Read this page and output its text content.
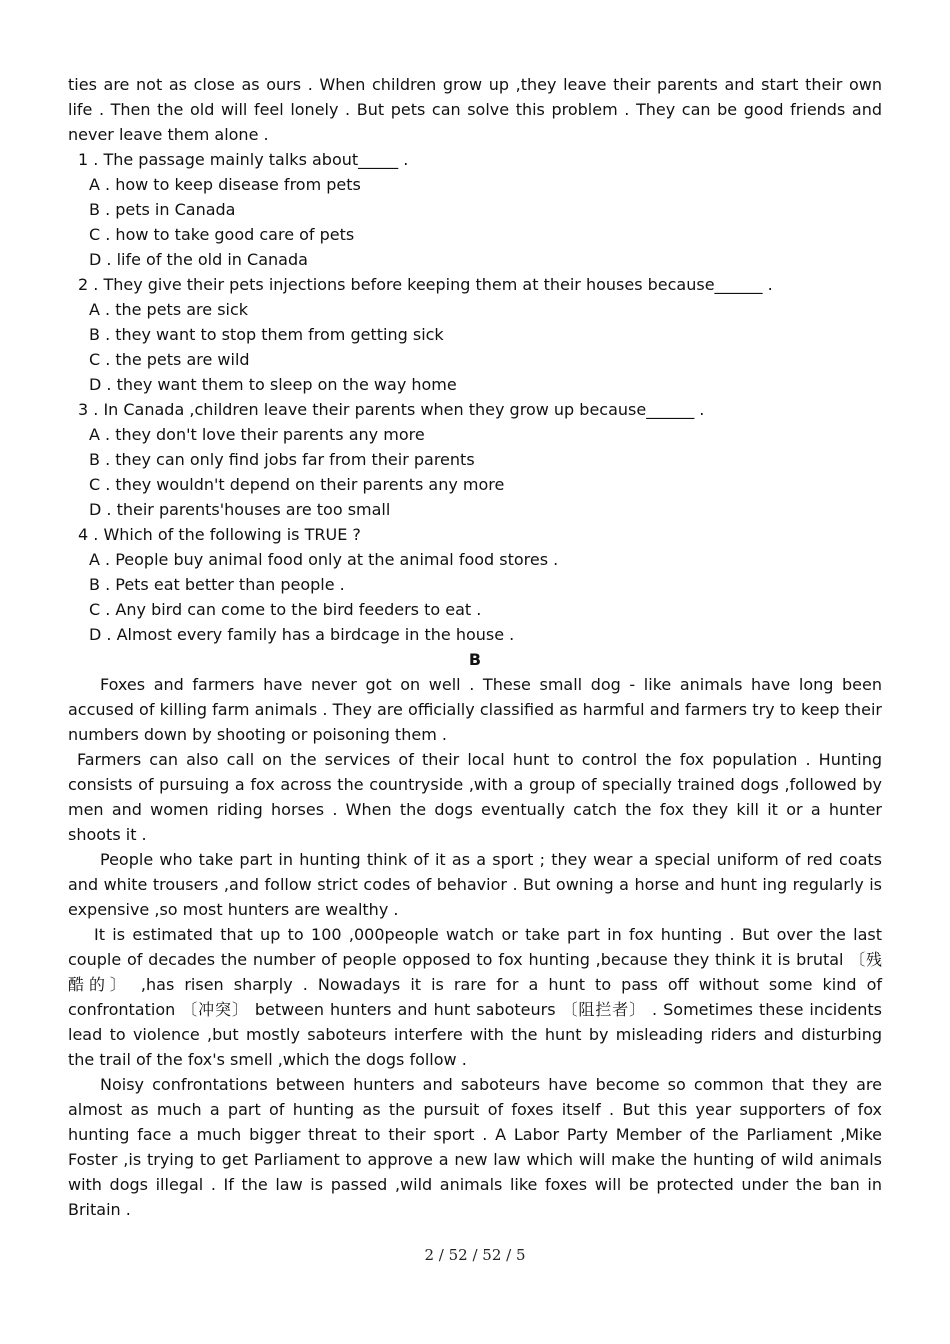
ties are not as close as ours . When children grow up ,they leave their parents and start their own life . Then the old will feel lonely . But pets can solve this problem . They can be good friends and never leave them alone .

1 . The passage mainly talks about_____ .

A . how to keep disease from pets

B . pets in Canada

C . how to take good care of pets

D . life of the old in Canada

2 . They give their pets injections before keeping them at their houses because______ .

A . the pets are sick

B . they want to stop them from getting sick

C . the pets are wild

D . they want them to sleep on the way home

3 . In Canada ,children leave their parents when they grow up because______ .

A . they don't love their parents any more

B . they can only find jobs far from their parents

C . they wouldn't depend on their parents any more

D . their parents'houses are too small

4 . Which of the following is TRUE ?

A . People buy animal food only at the animal food stores .

B . Pets eat better than people .

C . Any bird can come to the bird feeders to eat .

D . Almost every family has a birdcage in the house .

B

Foxes and farmers have never got on well . These small dog - like animals have long been accused of killing farm animals . They are officially classified as harmful and farmers try to keep their numbers down by shooting or poisoning them .

Farmers can also call on the services of their local hunt to control the fox population . Hunting consists of pursuing a fox across the countryside ,with a group of specially trained dogs ,followed by men and women riding horses . When the dogs eventually catch the fox they kill it or a hunter shoots it .

People who take part in hunting think of it as a sport ; they wear a special uniform of red coats and white trousers ,and follow strict codes of behavior . But owning a horse and hunt ing regularly is expensive ,so most hunters are wealthy .

It is estimated that up to 100 ,000people watch or take part in fox hunting . But over the last couple of decades the number of people opposed to fox hunting ,because they think it is brutal 〔残酷的〕 ,has risen sharply . Nowadays it is rare for a hunt to pass off without some kind of confrontation 〔冲突〕 between hunters and hunt saboteurs 〔阻拦者〕 . Sometimes these incidents lead to violence ,but mostly saboteurs interfere with the hunt by misleading riders and disturbing the trail of the fox's smell ,which the dogs follow .

Noisy confrontations between hunters and saboteurs have become so common that they are almost as much a part of hunting as the pursuit of foxes itself . But this year supporters of fox hunting face a much bigger threat to their sport . A Labor Party Member of the Parliament ,Mike Foster ,is trying to get Parliament to approve a new law which will make the hunting of wild animals with dogs illegal . If the law is passed ,wild animals like foxes will be protected under the ban in Britain .

2 / 52 / 52 / 5
